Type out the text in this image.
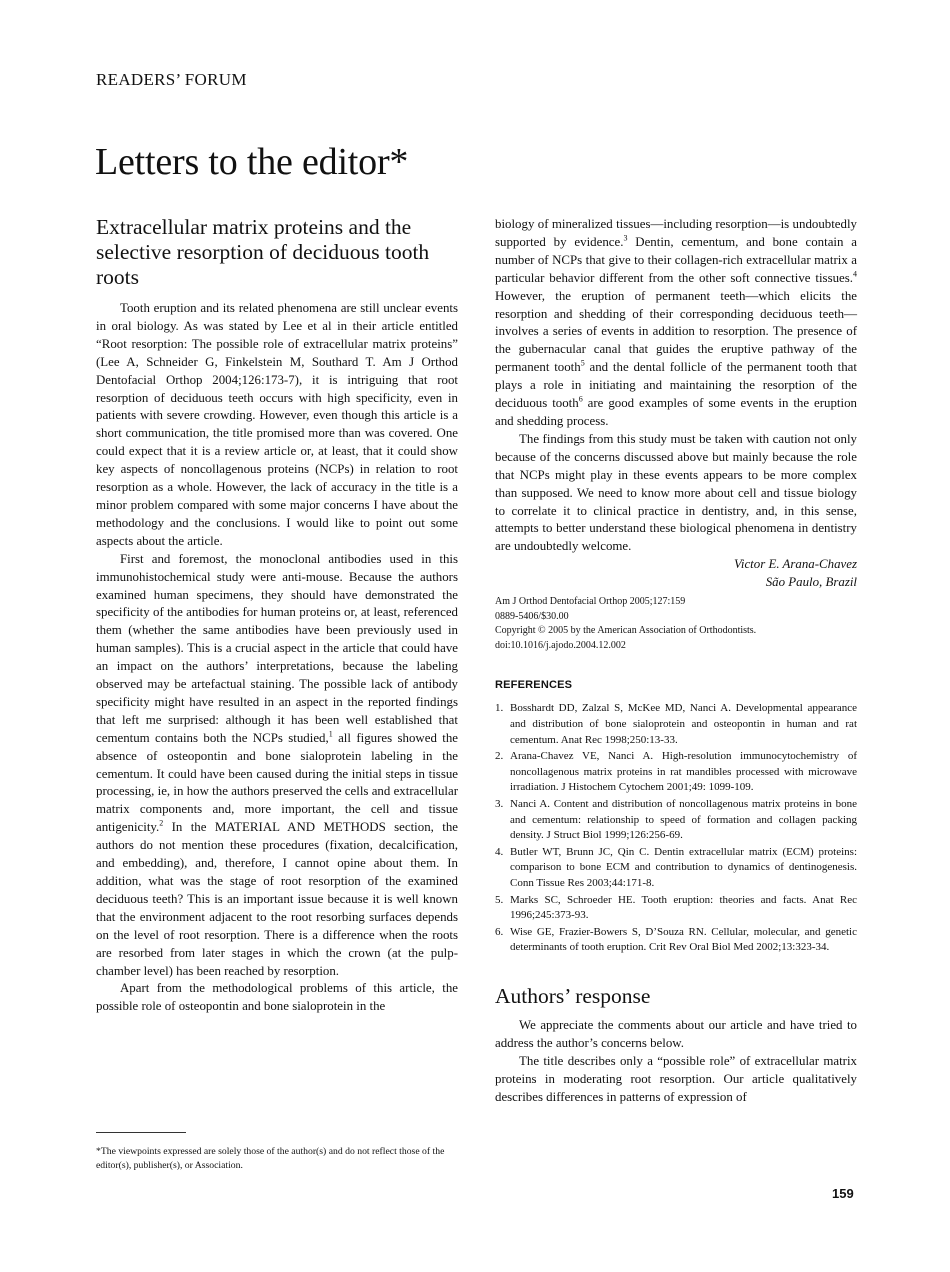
READERS’ FORUM
Letters to the editor*
Extracellular matrix proteins and the selective resorption of deciduous tooth roots

Tooth eruption and its related phenomena are still unclear events in oral biology. As was stated by Lee et al in their article entitled “Root resorption: The possible role of extracellular matrix proteins” (Lee A, Schneider G, Finkelstein M, Southard T. Am J Orthod Dentofacial Orthop 2004;126:173-7), it is intriguing that root resorption of deciduous teeth occurs with high specificity, even in patients with severe crowding. However, even though this article is a short communication, the title promised more than was covered. One could expect that it is a review article or, at least, that it could show key aspects of noncollagenous proteins (NCPs) in relation to root resorption as a whole. However, the lack of accuracy in the title is a minor problem compared with some major concerns I have about the methodology and the conclusions. I would like to point out some aspects about the article.

First and foremost, the monoclonal antibodies used in this immunohistochemical study were anti-mouse. Because the authors examined human specimens, they should have demonstrated the specificity of the antibodies for human proteins or, at least, referenced them (whether the same antibodies have been previously used in human samples). This is a crucial aspect in the article that could have an impact on the authors’ interpretations, because the labeling observed may be artefactual staining. The possible lack of antibody specificity might have resulted in an aspect in the reported findings that left me surprised: although it has been well established that cementum contains both the NCPs studied,$^1$ all figures showed the absence of osteopontin and bone sialoprotein labeling in the cementum. It could have been caused during the initial steps in tissue processing, ie, in how the authors preserved the cells and extracellular matrix components and, more important, the cell and tissue antigenicity.$^2$ In the MATERIAL AND METHODS section, the authors do not mention these procedures (fixation, decalcification, and embedding), and, therefore, I cannot opine about them. In addition, what was the stage of root resorption of the examined deciduous teeth? This is an important issue because it is well known that the environment adjacent to the root resorbing surfaces depends on the level of root resorption. There is a difference when the roots are resorbed from later stages in which the crown (at the pulp-chamber level) has been reached by resorption.

Apart from the methodological problems of this article, the possible role of osteopontin and bone sialoprotein in the

*The viewpoints expressed are solely those of the author(s) and do not reflect those of the editor(s), publisher(s), or Association.

biology of mineralized tissues—including resorption—is undoubtedly supported by evidence.$^3$ Dentin, cementum, and bone contain a number of NCPs that give to their collagen-rich extracellular matrix a particular behavior different from the other soft connective tissues.$^4$ However, the eruption of permanent teeth—which elicits the resorption and shedding of their corresponding deciduous teeth—involves a series of events in addition to resorption. The presence of the gubernacular canal that guides the eruptive pathway of the permanent tooth$^5$ and the dental follicle of the permanent tooth that plays a role in initiating and maintaining the resorption of the deciduous tooth$^6$ are good examples of some events in the eruption and shedding process.

The findings from this study must be taken with caution not only because of the concerns discussed above but mainly because the role that NCPs might play in these events appears to be more complex than supposed. We need to know more about cell and tissue biology to correlate it to clinical practice in dentistry, and, in this sense, attempts to better understand these biological phenomena in dentistry are undoubtedly welcome.

Victor E. Arana-Chavez
São Paulo, Brazil
Am J Orthod Dentofacial Orthop 2005;127:159
0889-5406/$30.00
Copyright © 2005 by the American Association of Orthodontists.
doi:10.1016/j.ajodo.2004.12.002
REFERENCES
1. Bosshardt DD, Zalzal S, McKee MD, Nanci A. Developmental appearance and distribution of bone sialoprotein and osteopontin in human and rat cementum. Anat Rec 1998;250:13-33.
2. Arana-Chavez VE, Nanci A. High-resolution immunocytochemistry of noncollagenous matrix proteins in rat mandibles processed with microwave irradiation. J Histochem Cytochem 2001;49: 1099-109.
3. Nanci A. Content and distribution of noncollagenous matrix proteins in bone and cementum: relationship to speed of formation and collagen packing density. J Struct Biol 1999;126:256-69.
4. Butler WT, Brunn JC, Qin C. Dentin extracellular matrix (ECM) proteins: comparison to bone ECM and contribution to dynamics of dentinogenesis. Conn Tissue Res 2003;44:171-8.
5. Marks SC, Schroeder HE. Tooth eruption: theories and facts. Anat Rec 1996;245:373-93.
6. Wise GE, Frazier-Bowers S, D’Souza RN. Cellular, molecular, and genetic determinants of tooth eruption. Crit Rev Oral Biol Med 2002;13:323-34.
Authors’ response

We appreciate the comments about our article and have tried to address the author’s concerns below.

The title describes only a “possible role” of extracellular matrix proteins in moderating root resorption. Our article qualitatively describes differences in patterns of expression of

159
